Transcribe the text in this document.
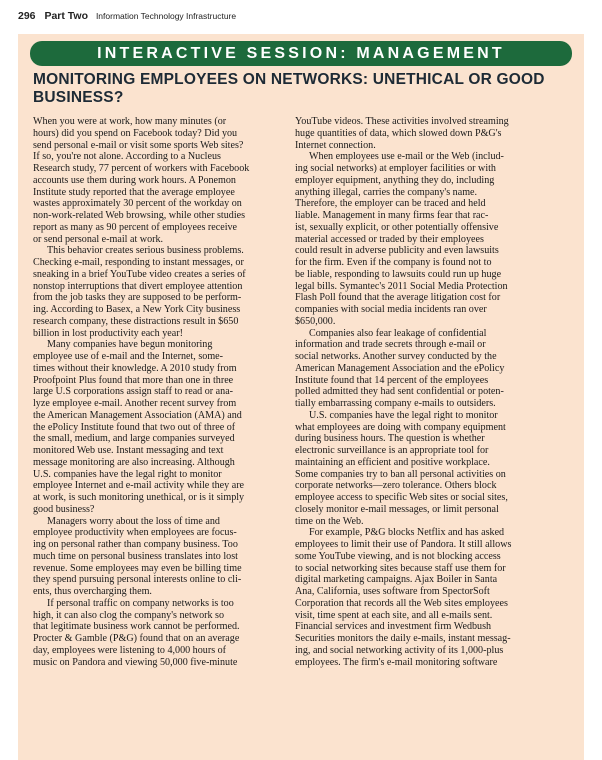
296 Part Two Information Technology Infrastructure
INTERACTIVE SESSION: MANAGEMENT
MONITORING EMPLOYEES ON NETWORKS: UNETHICAL OR GOOD
BUSINESS?
When you were at work, how many minutes (or
hours) did you spend on Facebook today? Did you
send personal e-mail or visit some sports Web sites?
If so, you're not alone. According to a Nucleus
Research study, 77 percent of workers with Facebook
accounts use them during work hours. A Ponemon
Institute study reported that the average employee
wastes approximately 30 percent of the workday on
non-work-related Web browsing, while other studies
report as many as 90 percent of employees receive
or send personal e-mail at work.
This behavior creates serious business problems.
Checking e-mail, responding to instant messages, or
sneaking in a brief YouTube video creates a series of
nonstop interruptions that divert employee attention
from the job tasks they are supposed to be perform-
ing. According to Basex, a New York City business
research company, these distractions result in $650
billion in lost productivity each year!
Many companies have begun monitoring
employee use of e-mail and the Internet, some-
times without their knowledge. A 2010 study from
Proofpoint Plus found that more than one in three
large U.S corporations assign staff to read or ana-
lyze employee e-mail. Another recent survey from
the American Management Association (AMA) and
the ePolicy Institute found that two out of three of
the small, medium, and large companies surveyed
monitored Web use. Instant messaging and text
message monitoring are also increasing. Although
U.S. companies have the legal right to monitor
employee Internet and e-mail activity while they are
at work, is such monitoring unethical, or is it simply
good business?
Managers worry about the loss of time and
employee productivity when employees are focus-
ing on personal rather than company business. Too
much time on personal business translates into lost
revenue. Some employees may even be billing time
they spend pursuing personal interests online to cli-
ents, thus overcharging them.
If personal traffic on company networks is too
high, it can also clog the company's network so
that legitimate business work cannot be performed.
Procter & Gamble (P&G) found that on an average
day, employees were listening to 4,000 hours of
music on Pandora and viewing 50,000 five-minute
YouTube videos. These activities involved streaming
huge quantities of data, which slowed down P&G's
Internet connection.
When employees use e-mail or the Web (includ-
ing social networks) at employer facilities or with
employer equipment, anything they do, including
anything illegal, carries the company's name.
Therefore, the employer can be traced and held
liable. Management in many firms fear that rac-
ist, sexually explicit, or other potentially offensive
material accessed or traded by their employees
could result in adverse publicity and even lawsuits
for the firm. Even if the company is found not to
be liable, responding to lawsuits could run up huge
legal bills. Symantec's 2011 Social Media Protection
Flash Poll found that the average litigation cost for
companies with social media incidents ran over
$650,000.
Companies also fear leakage of confidential
information and trade secrets through e-mail or
social networks. Another survey conducted by the
American Management Association and the ePolicy
Institute found that 14 percent of the employees
polled admitted they had sent confidential or poten-
tially embarrassing company e-mails to outsiders.
U.S. companies have the legal right to monitor
what employees are doing with company equipment
during business hours. The question is whether
electronic surveillance is an appropriate tool for
maintaining an efficient and positive workplace.
Some companies try to ban all personal activities on
corporate networks—zero tolerance. Others block
employee access to specific Web sites or social sites,
closely monitor e-mail messages, or limit personal
time on the Web.
For example, P&G blocks Netflix and has asked
employees to limit their use of Pandora. It still allows
some YouTube viewing, and is not blocking access
to social networking sites because staff use them for
digital marketing campaigns. Ajax Boiler in Santa
Ana, California, uses software from SpectorSoft
Corporation that records all the Web sites employees
visit, time spent at each site, and all e-mails sent.
Financial services and investment firm Wedbush
Securities monitors the daily e-mails, instant messag-
ing, and social networking activity of its 1,000-plus
employees. The firm's e-mail monitoring software
